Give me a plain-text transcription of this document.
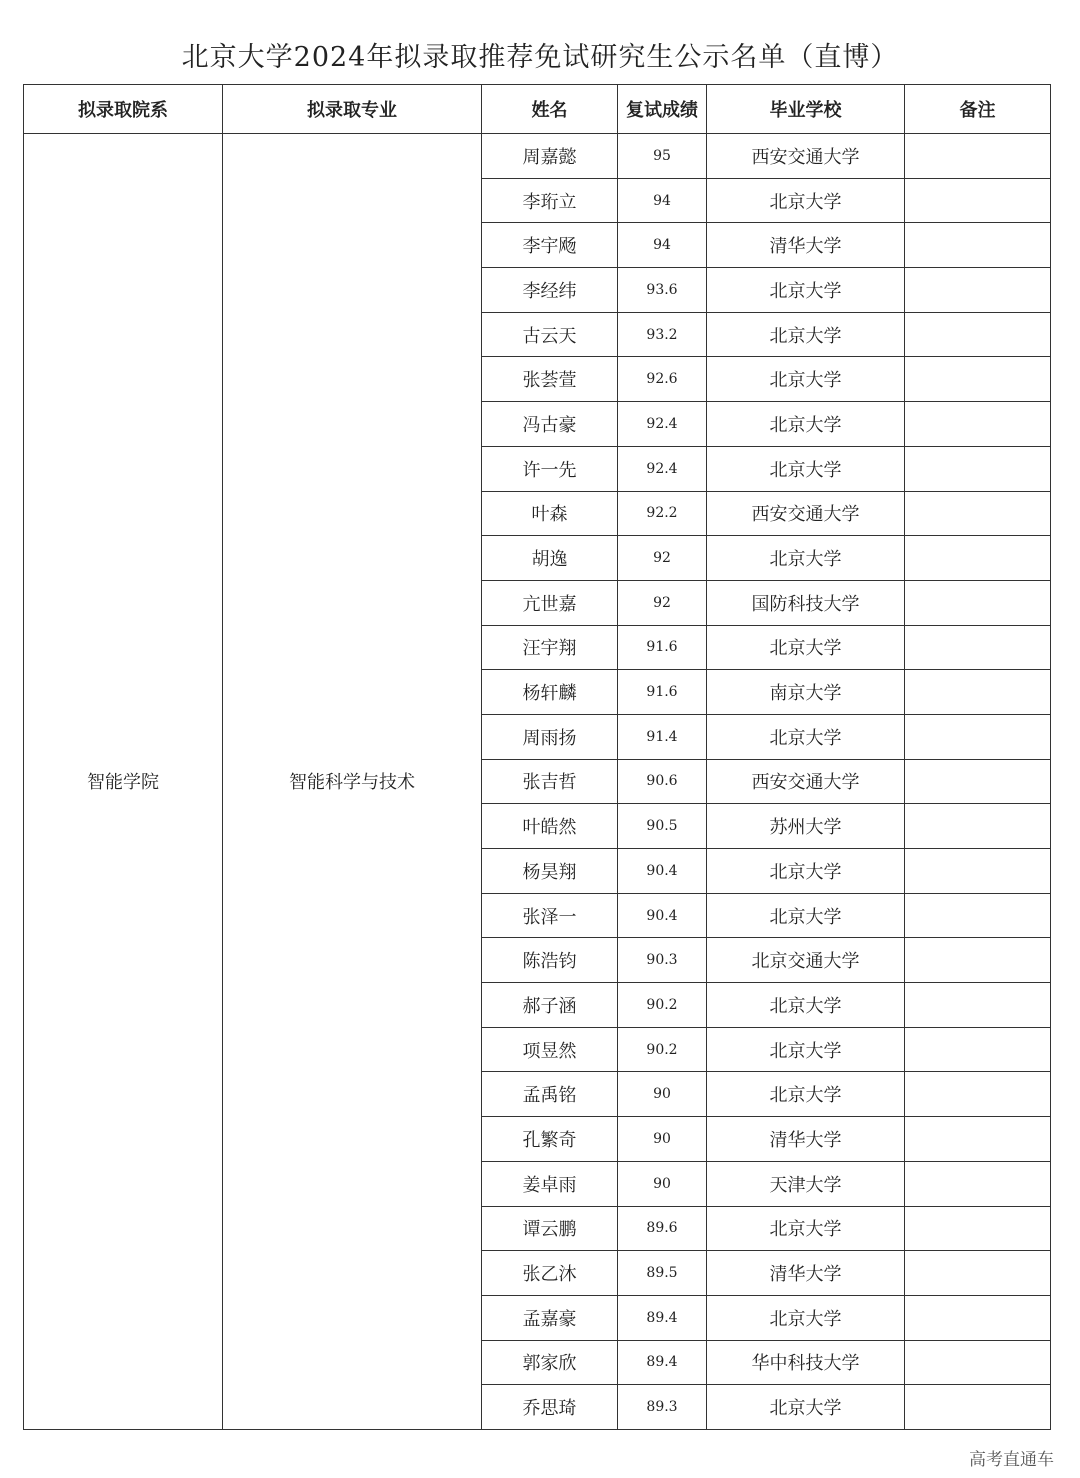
北京大学2024年拟录取推荐免试研究生公示名单（直博）
拟录取院系	拟录取专业	姓名	复试成绩	毕业学校	备注
智能学院	智能科学与技术	周嘉懿	95	西安交通大学	
		李珩立	94	北京大学	
		李宇飏	94	清华大学	
		李经纬	93.6	北京大学	
		古云天	93.2	北京大学	
		张荟萱	92.6	北京大学	
		冯古豪	92.4	北京大学	
		许一先	92.4	北京大学	
		叶森	92.2	西安交通大学	
		胡逸	92	北京大学	
		亢世嘉	92	国防科技大学	
		汪宇翔	91.6	北京大学	
		杨轩麟	91.6	南京大学	
		周雨扬	91.4	北京大学	
		张吉哲	90.6	西安交通大学	
		叶皓然	90.5	苏州大学	
		杨昊翔	90.4	北京大学	
		张泽一	90.4	北京大学	
		陈浩钧	90.3	北京交通大学	
		郝子涵	90.2	北京大学	
		项昱然	90.2	北京大学	
		孟禹铭	90	北京大学	
		孔繁奇	90	清华大学	
		姜卓雨	90	天津大学	
		谭云鹏	89.6	北京大学	
		张乙沐	89.5	清华大学	
		孟嘉豪	89.4	北京大学	
		郭家欣	89.4	华中科技大学	
		乔思琦	89.3	北京大学	
高考直通车
